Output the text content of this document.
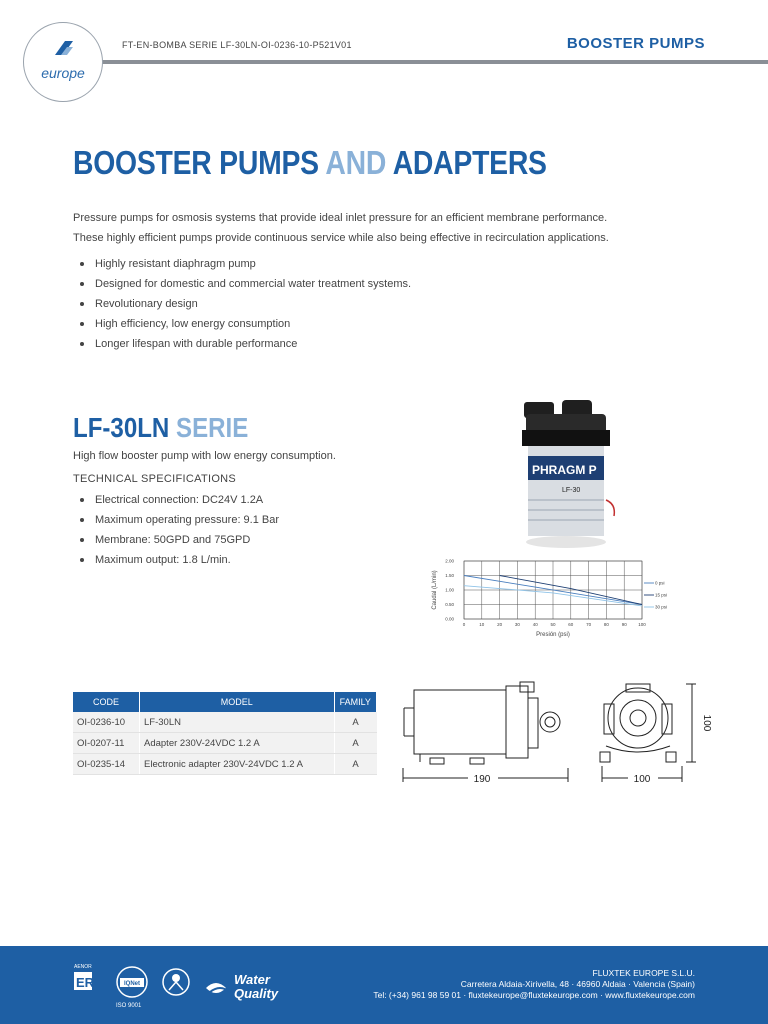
europe
FT-EN-BOMBA SERIE LF-30LN-OI-0236-10-P521V01	BOOSTER PUMPS
BOOSTER PUMPS AND ADAPTERS

Pressure pumps for osmosis systems that provide ideal inlet pressure for an efficient membrane performance.

These highly efficient pumps provide continuous service while also being effective in recirculation applications.

Highly resistant diaphragm pump
Designed for domestic and commercial water treatment systems.
Revolutionary design
High efficiency, low energy consumption
Longer lifespan with durable performance
LF-30LN SERIE
High flow booster pump with low energy consumption.
TECHNICAL SPECIFICATIONS
Electrical connection: DC24V 1.2A
Maximum operating pressure: 9.1 Bar
Membrane: 50GPD and 75GPD
Maximum output: 1.8 L/min.
PHRAGM P
LF-30
0	10	20	30	40	50	60	70	80	90	100
0.00
0.50
1.00
1.50
2.00
0 psi
15 psi
30 psi
Presión (psi)
Caudal (L/min)
CODE	MODEL	FAMILY
OI-0236-10	LF-30LN	A
OI-0207-11	Adapter 230V-24VDC 1.2 A	A
OI-0235-14	Electronic adapter 230V-24VDC 1.2 A	A
190	100
100
AENOR
ER	IQNet	Water
Quality
ISO 9001
FLUXTEK EUROPE S.L.U.
Carretera Aldaia-Xirivella, 48 · 46960 Aldaia · Valencia (Spain)
Tel: (+34) 961 98 59 01 · fluxtekeurope@fluxtekeurope.com · www.fluxtekeurope.com
